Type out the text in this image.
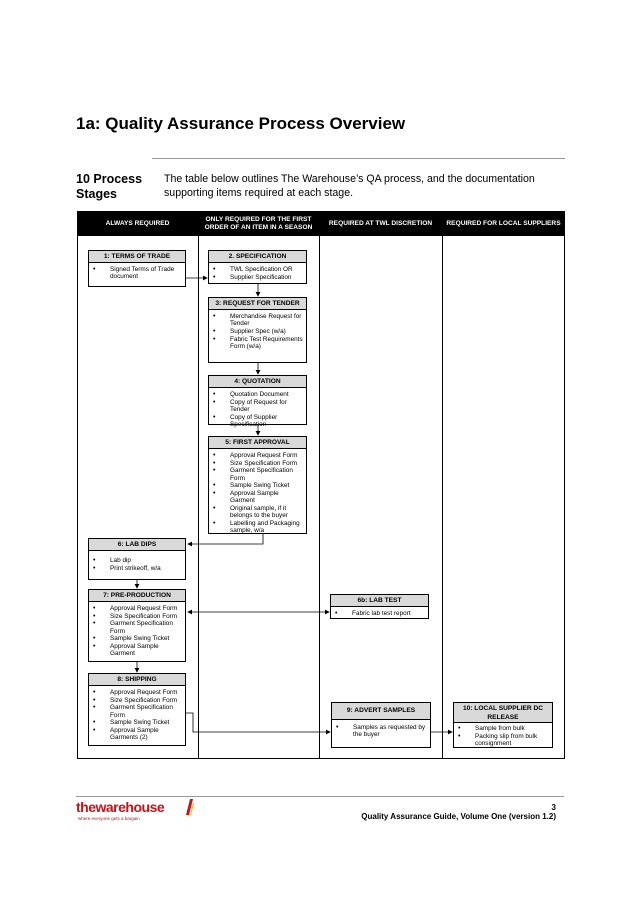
1a: Quality Assurance Process Overview
10 Process Stages
The table below outlines The Warehouse’s QA process, and the documentation supporting items required at each stage.
ALWAYS REQUIRED
ONLY REQUIRED FOR THE FIRST ORDER OF AN ITEM IN A SEASON
REQUIRED AT TWL DISCRETION	REQUIRED FOR LOCAL SUPPLIERS
1: TERMS OF TRADE
• Signed Terms of Trade document
2. SPECIFICATION
• TWL Specification OR
• Supplier Specification
3: REQUEST FOR TENDER
• Merchandise Request for Tender
• Supplier Spec (w/a)
• Fabric Test Requirements Form (w/a)
4: QUOTATION
• Quotation Document
• Copy of Request for Tender
• Copy of Supplier Specification
5: FIRST APPROVAL
• Approval Request Form
• Size Specification Form
• Garment Specification Form
• Sample Swing Ticket
• Approval Sample Garment
• Original sample, if it belongs to the buyer
• Labelling and Packaging sample, w/a
6: LAB DIPS
• Lab dip
• Print strikeoff, w/a
6b: LAB TEST
• Fabric lab test report
7: PRE-PRODUCTION
• Approval Request Form
• Size Specification Form
• Garment Specification Form
• Sample Swing Ticket
• Approval Sample Garment
8: SHIPPING
• Approval Request Form
• Size Specification Form
• Garment Specification Form
• Sample Swing Ticket
• Approval Sample Garments (2)
9: ADVERT SAMPLES
• Samples as requested by the buyer
10: LOCAL SUPPLIER DC RELEASE
• Sample from bulk
• Packing slip from bulk consignment
thewarehouse
where everyone gets a bargain
3
Quality Assurance Guide, Volume One (version 1.2)
